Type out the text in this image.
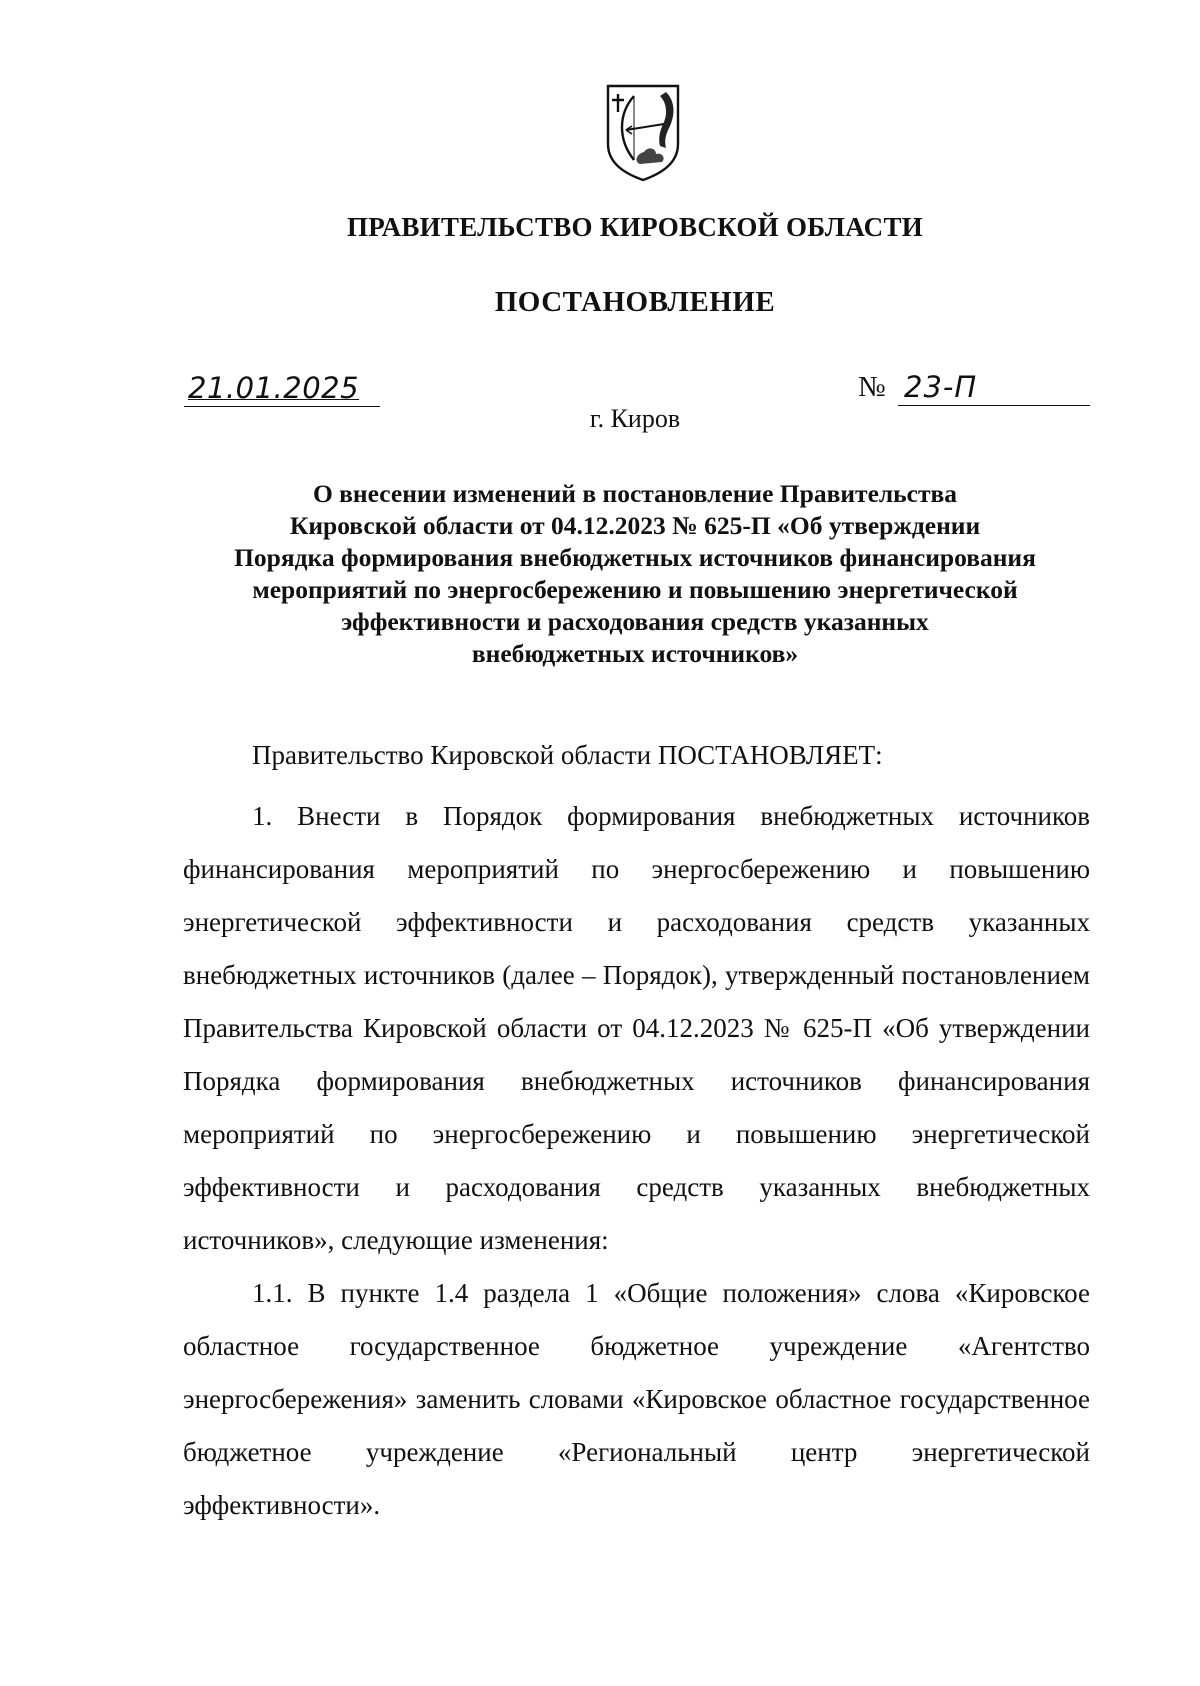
ПРАВИТЕЛЬСТВО КИРОВСКОЙ ОБЛАСТИ
ПОСТАНОВЛЕНИЕ
21.01.2025	№ 23-П
г. Киров
О внесении изменений в постановление Правительства
Кировской области от 04.12.2023 № 625-П «Об утверждении
Порядка формирования внебюджетных источников финансирования
мероприятий по энергосбережению и повышению энергетической
эффективности и расходования средств указанных
внебюджетных источников»
Правительство Кировской области ПОСТАНОВЛЯЕТ:

1. Внести в Порядок формирования внебюджетных источников финансирования мероприятий по энергосбережению и повышению энергетической эффективности и расходования средств указанных внебюджетных источников (далее – Порядок), утвержденный постановлением Правительства Кировской области от 04.12.2023 № 625-П «Об утверждении Порядка формирования внебюджетных источников финансирования мероприятий по энергосбережению и повышению энергетической эффективности и расходования средств указанных внебюджетных источников», следующие изменения:

1.1. В пункте 1.4 раздела 1 «Общие положения» слова «Кировское областное государственное бюджетное учреждение «Агентство энергосбережения» заменить словами «Кировское областное государственное бюджетное учреждение «Региональный центр энергетической эффективности».
